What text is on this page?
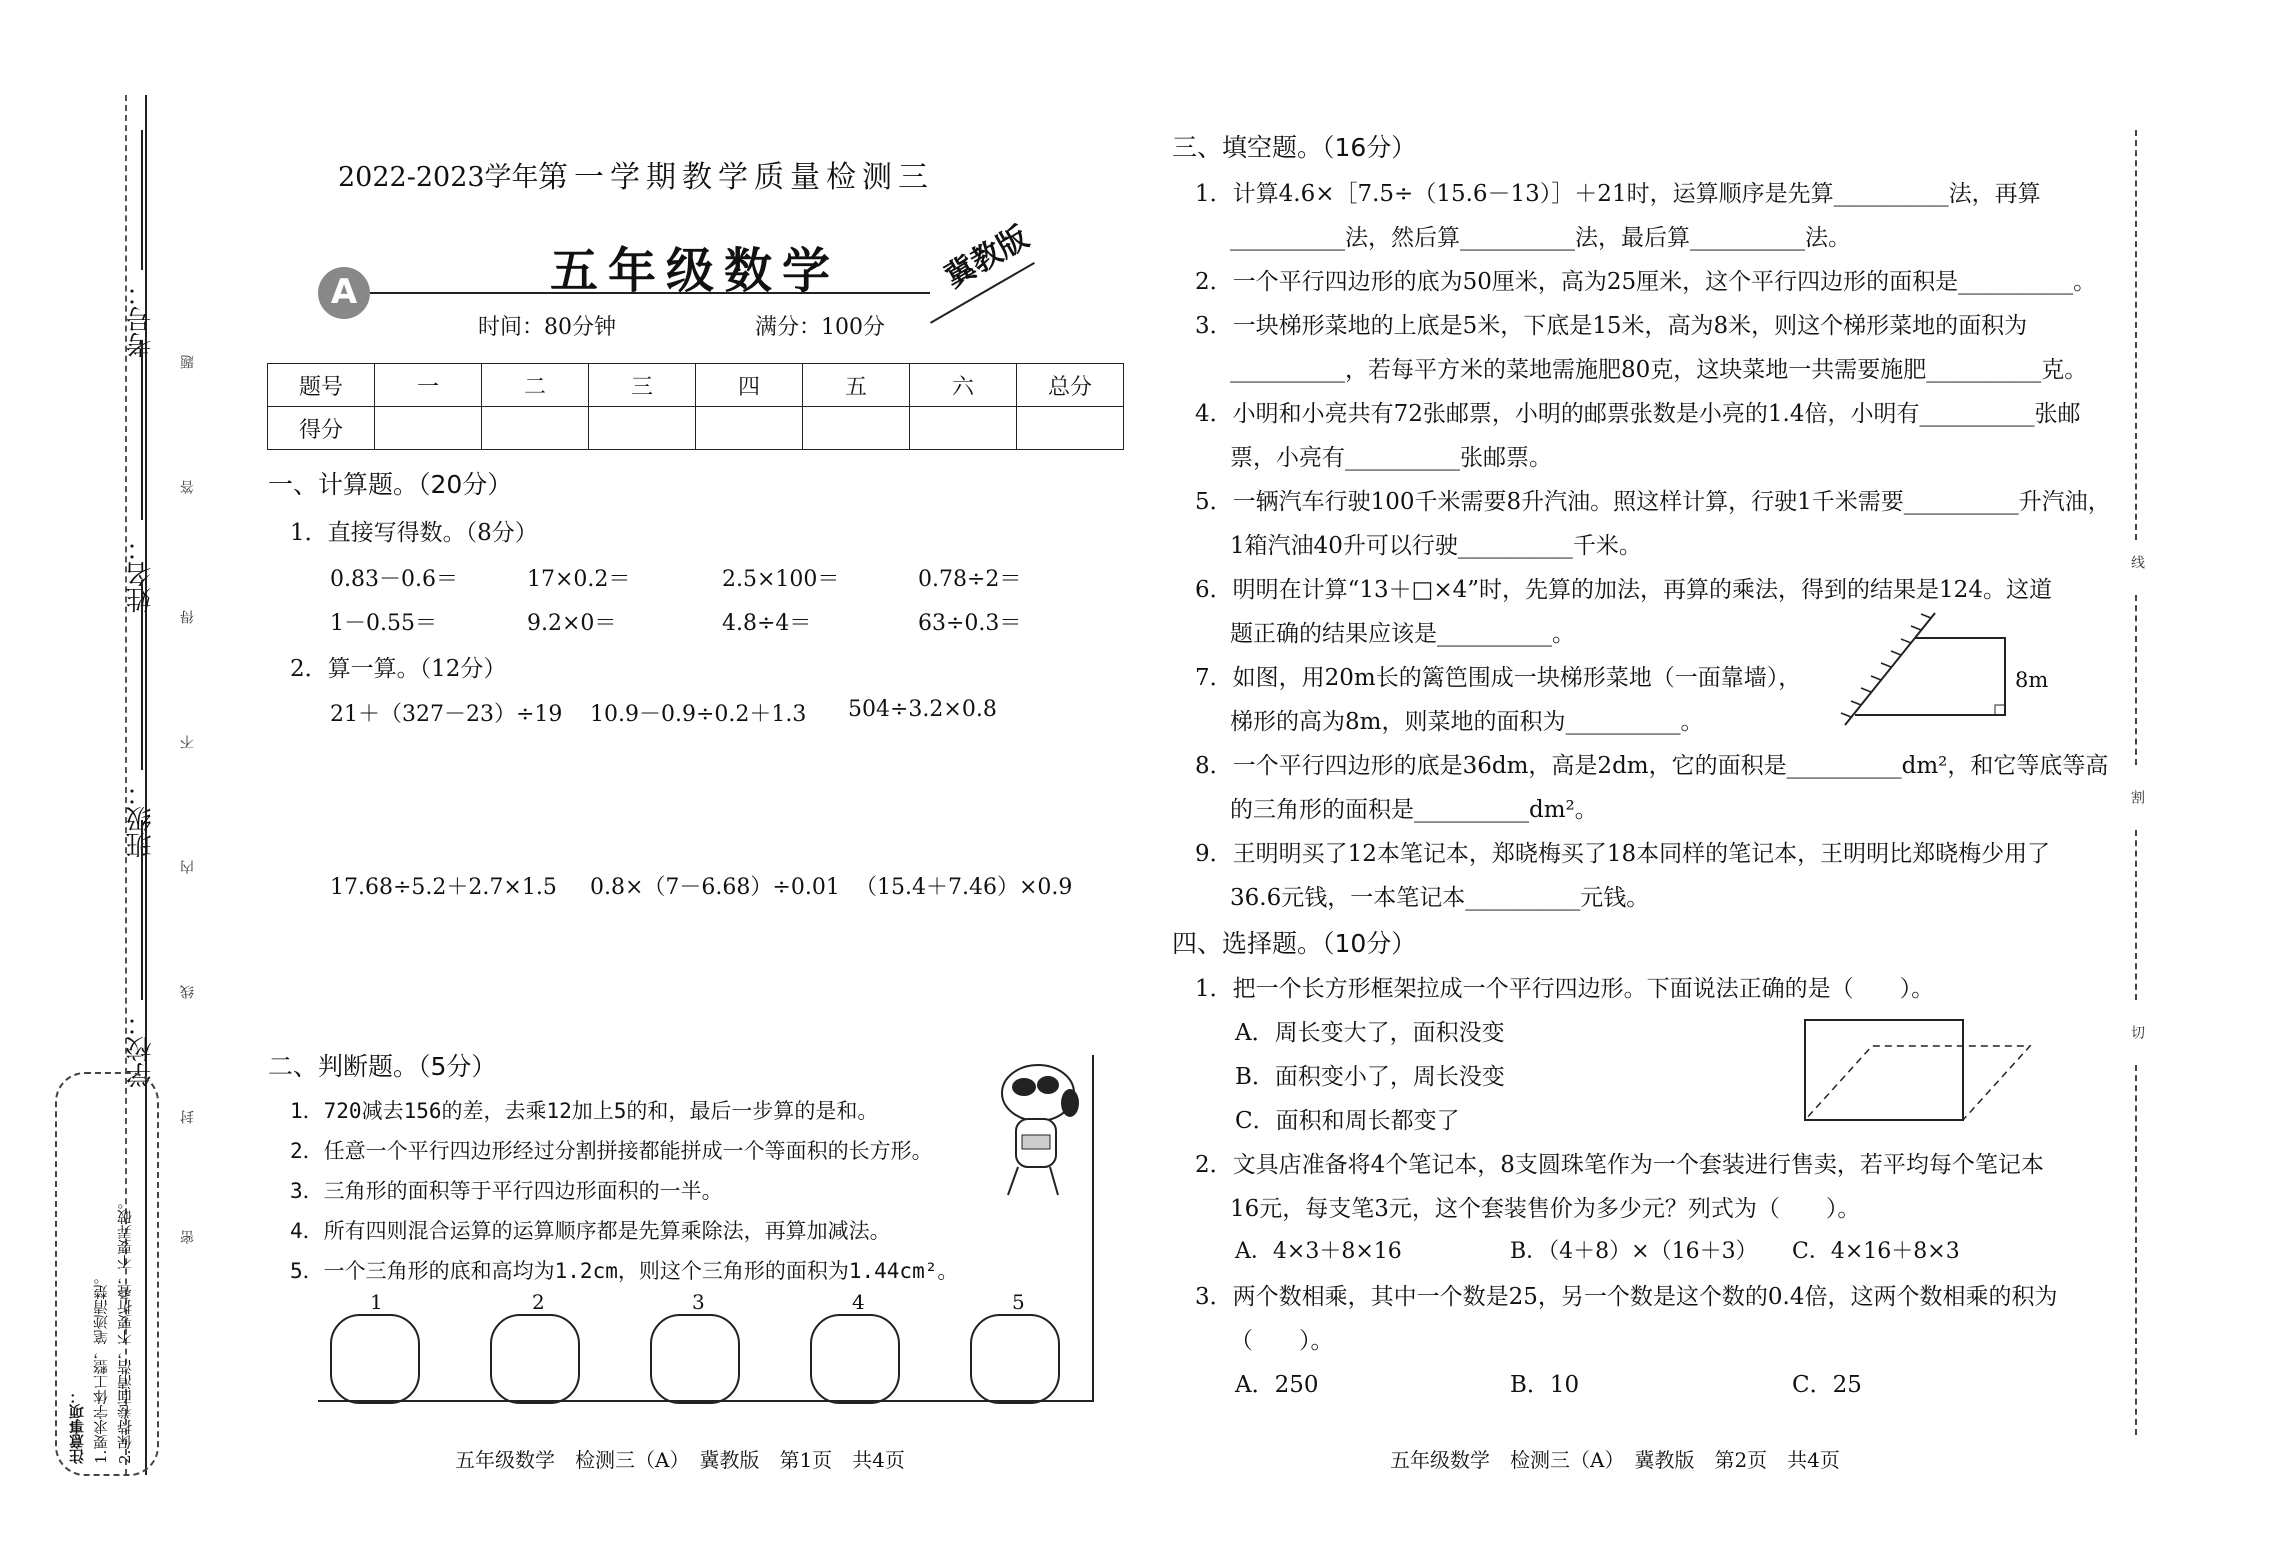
考号：
姓名：
班级：
学校：
题
答
得
不
内
线
封
密
注意事项： 1.要求字体工整，笔迹清楚。 2.保持卷面清洁，不要折叠，不要弄破。
2022-2023学年 第一学期教学质量检测三
A	五年级数学	冀教版
时间：80分钟	满分：100分
题号	一	二	三	四	五	六	总分
得分							
一、计算题。（20分）
1．直接写得数。（8分）
0.83－0.6＝	17×0.2＝	2.5×100＝	0.78÷2＝
1－0.55＝	9.2×0＝	4.8÷4＝	63÷0.3＝
2．算一算。（12分）
21＋（327－23）÷19 10.9－0.9÷0.2＋1.3 504÷3.2×0.8
17.68÷5.2＋2.7×1.5 0.8×（7－6.68）÷0.01 （15.4＋7.46）×0.9
二、判断题。（5分）
1．720减去156的差，去乘12加上5的和，最后一步算的是和。
2．任意一个平行四边形经过分割拼接都能拼成一个等面积的长方形。
3．三角形的面积等于平行四边形面积的一半。
4．所有四则混合运算的运算顺序都是先算乘除法，再算加减法。
5．一个三角形的底和高均为1.2cm，则这个三角形的面积为1.44cm²。
1	2	3	4	5
五年级数学　检测三（A）　冀教版　第1页　共4页
三、填空题。（16分）
1．计算4.6×［7.5÷（15.6－13）］＋21时，运算顺序是先算__________法，再算
__________法，然后算__________法，最后算__________法。
2．一个平行四边形的底为50厘米，高为25厘米，这个平行四边形的面积是__________。
3．一块梯形菜地的上底是5米，下底是15米，高为8米，则这个梯形菜地的面积为
__________，若每平方米的菜地需施肥80克，这块菜地一共需要施肥__________克。
4．小明和小亮共有72张邮票，小明的邮票张数是小亮的1.4倍，小明有__________张邮
票，小亮有__________张邮票。
5．一辆汽车行驶100千米需要8升汽油。照这样计算，行驶1千米需要__________升汽油，
1箱汽油40升可以行驶__________千米。
6．明明在计算“13＋□×4”时，先算的加法，再算的乘法，得到的结果是124。这道
题正确的结果应该是__________。
7．如图，用20m长的篱笆围成一块梯形菜地（一面靠墙），
梯形的高为8m，则菜地的面积为__________。
8．一个平行四边形的底是36dm，高是2dm，它的面积是__________dm²，和它等底等高
的三角形的面积是__________dm²。
9．王明明买了12本笔记本，郑晓梅买了18本同样的笔记本，王明明比郑晓梅少用了
36.6元钱，一本笔记本__________元钱。
8m
四、选择题。（10分）
1．把一个长方形框架拉成一个平行四边形。下面说法正确的是（　　）。
A．周长变大了，面积没变
B．面积变小了，周长没变
C．面积和周长都变了
2．文具店准备将4个笔记本，8支圆珠笔作为一个套装进行售卖，若平均每个笔记本
16元，每支笔3元，这个套装售价为多少元？列式为（　　）。
A．4×3＋8×16	B．（4＋8）×（16＋3） C．4×16＋8×3
3．两个数相乘，其中一个数是25，另一个数是这个数的0.4倍，这两个数相乘的积为
（　　）。
A．250	B．10	C．25
五年级数学　检测三（A）　冀教版　第2页　共4页
线
割
切
